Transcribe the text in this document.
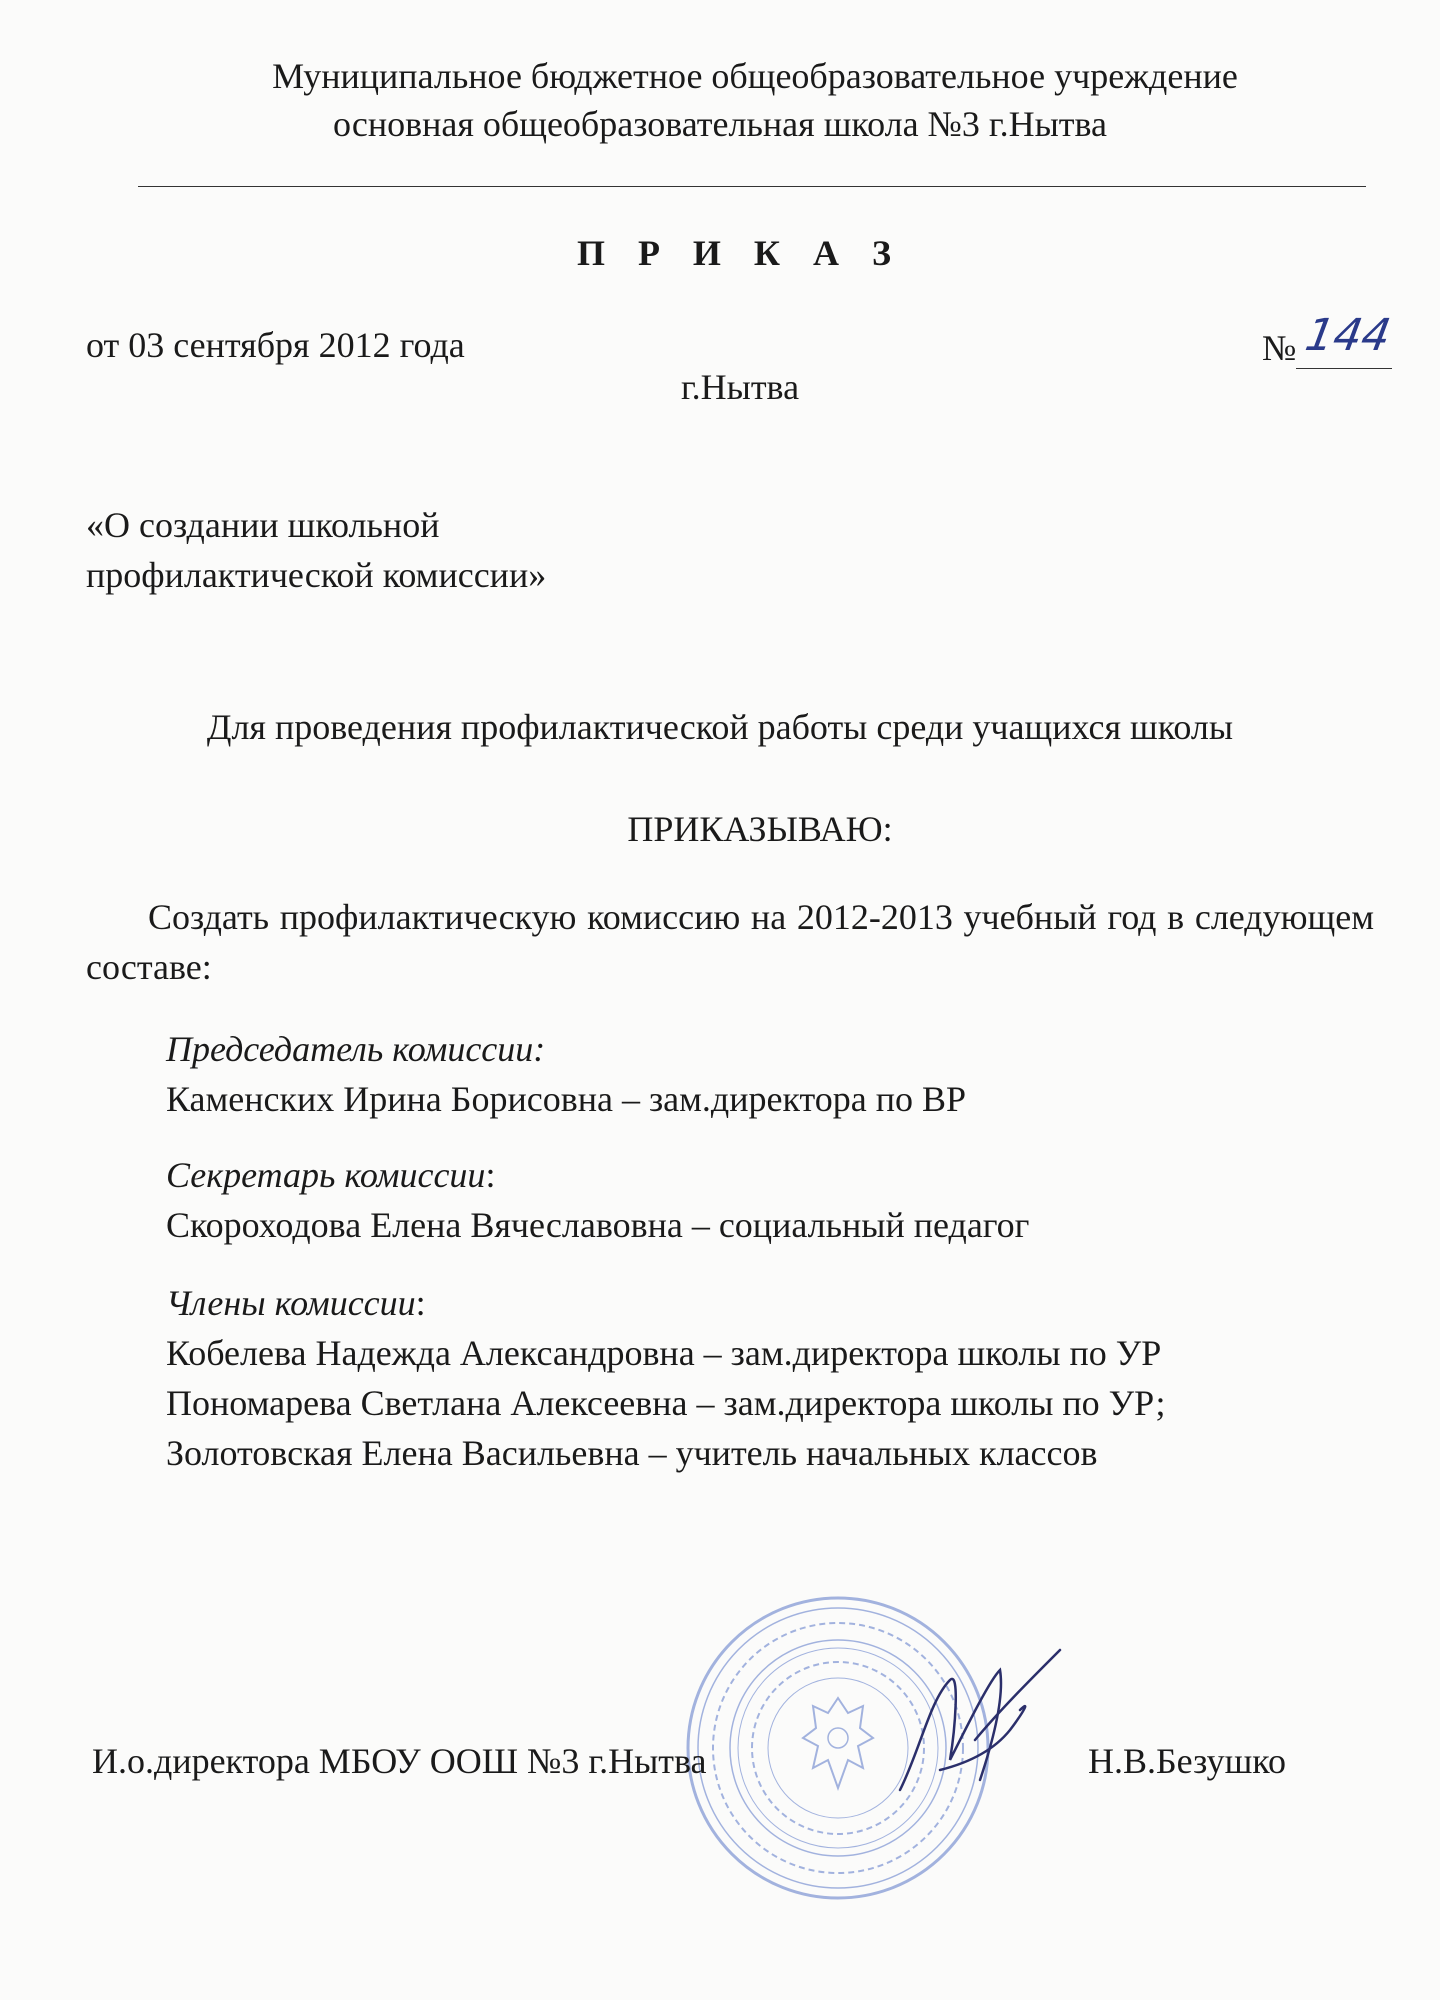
Муниципальное бюджетное общеобразовательное учреждение
основная общеобразовательная школа №3 г.Нытва
П Р И К А З
от 03 сентября 2012 года	№ 144
г.Нытва
«О создании школьной
профилактической комиссии»
Для проведения профилактической работы среди учащихся школы
ПРИКАЗЫВАЮ:
Создать профилактическую комиссию на 2012-2013 учебный год в следующем составе:
Председатель комиссии:
Каменских Ирина Борисовна – зам.директора по ВР
Секретарь комиссии:
Скороходова Елена Вячеславовна – социальный педагог
Члены комиссии:
Кобелева Надежда Александровна – зам.директора школы по УР
Пономарева Светлана Алексеевна – зам.директора школы по УР;
Золотовская Елена Васильевна – учитель начальных классов
И.о.директора МБОУ ООШ №3 г.Нытва	Н.В.Безушко
